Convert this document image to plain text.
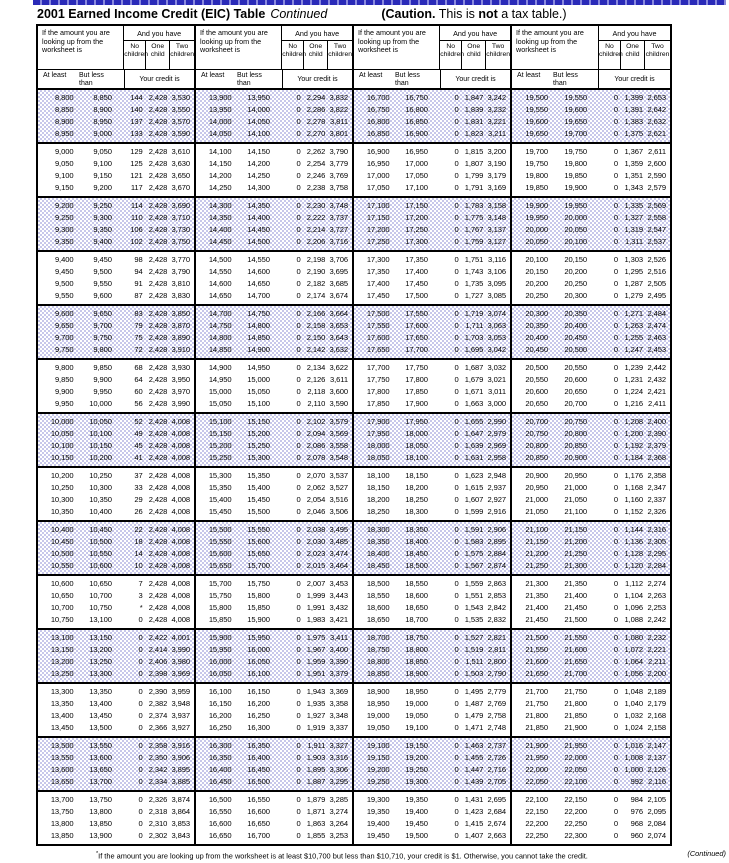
2001 Earned Income Credit (EIC) Table Continued	(Caution. This is not a tax table.)
If the amount you are looking up from the worksheet is
And you have
No children
One child
Two children
At least	But less than
Your credit is
8,800	8,850	144 2,428 3,530
8,850	8,900	140 2,428 3,550
8,900	8,950	137 2,428 3,570
8,950	9,000	133 2,428 3,590
9,000	9,050	129 2,428 3,610
9,050	9,100	125 2,428 3,630
9,100	9,150	121 2,428 3,650
9,150	9,200	117 2,428 3,670
9,200	9,250	114 2,428 3,690
9,250	9,300	110 2,428 3,710
9,300	9,350	106 2,428 3,730
9,350	9,400	102 2,428 3,750
9,400	9,450	98 2,428 3,770
9,450	9,500	94 2,428 3,790
9,500	9,550	91 2,428 3,810
9,550	9,600	87 2,428 3,830
9,600	9,650	83 2,428 3,850
9,650	9,700	79 2,428 3,870
9,700	9,750	75 2,428 3,890
9,750	9,800	72 2,428 3,910
9,800	9,850	68 2,428 3,930
9,850	9,900	64 2,428 3,950
9,900	9,950	60 2,428 3,970
9,950	10,000	56 2,428 3,990
10,000	10,050	52 2,428 4,008
10,050	10,100	49 2,428 4,008
10,100	10,150	45 2,428 4,008
10,150	10,200	41 2,428 4,008
10,200	10,250	37 2,428 4,008
10,250	10,300	33 2,428 4,008
10,300	10,350	29 2,428 4,008
10,350	10,400	26 2,428 4,008
10,400	10,450	22 2,428 4,008
10,450	10,500	18 2,428 4,008
10,500	10,550	14 2,428 4,008
10,550	10,600	10 2,428 4,008
10,600	10,650	7 2,428 4,008
10,650	10,700	3 2,428 4,008
10,700	10,750	* 2,428 4,008
10,750	13,100	0 2,428 4,008
13,100	13,150	0 2,422 4,001
13,150	13,200	0 2,414 3,990
13,200	13,250	0 2,406 3,980
13,250	13,300	0 2,398 3,969
13,300	13,350	0 2,390 3,959
13,350	13,400	0 2,382 3,948
13,400	13,450	0 2,374 3,937
13,450	13,500	0 2,366 3,927
13,500	13,550	0 2,358 3,916
13,550	13,600	0 2,350 3,906
13,600	13,650	0 2,342 3,895
13,650	13,700	0 2,334 3,885
13,700	13,750	0 2,326 3,874
13,750	13,800	0 2,318 3,864
13,800	13,850	0 2,310 3,853
13,850	13,900	0 2,302 3,843
If the amount you are looking up from the worksheet is
And you have
No children
One child
Two children
At least	But less than
Your credit is
13,900	13,950	0 2,294 3,832
13,950	14,000	0 2,286 3,822
14,000	14,050	0 2,278 3,811
14,050	14,100	0 2,270 3,801
14,100	14,150	0 2,262 3,790
14,150	14,200	0 2,254 3,779
14,200	14,250	0 2,246 3,769
14,250	14,300	0 2,238 3,758
14,300	14,350	0 2,230 3,748
14,350	14,400	0 2,222 3,737
14,400	14,450	0 2,214 3,727
14,450	14,500	0 2,206 3,716
14,500	14,550	0 2,198 3,706
14,550	14,600	0 2,190 3,695
14,600	14,650	0 2,182 3,685
14,650	14,700	0 2,174 3,674
14,700	14,750	0 2,166 3,664
14,750	14,800	0 2,158 3,653
14,800	14,850	0 2,150 3,643
14,850	14,900	0 2,142 3,632
14,900	14,950	0 2,134 3,622
14,950	15,000	0 2,126 3,611
15,000	15,050	0 2,118 3,600
15,050	15,100	0 2,110 3,590
15,100	15,150	0 2,102 3,579
15,150	15,200	0 2,094 3,569
15,200	15,250	0 2,086 3,558
15,250	15,300	0 2,078 3,548
15,300	15,350	0 2,070 3,537
15,350	15,400	0 2,062 3,527
15,400	15,450	0 2,054 3,516
15,450	15,500	0 2,046 3,506
15,500	15,550	0 2,038 3,495
15,550	15,600	0 2,030 3,485
15,600	15,650	0 2,023 3,474
15,650	15,700	0 2,015 3,464
15,700	15,750	0 2,007 3,453
15,750	15,800	0 1,999 3,443
15,800	15,850	0 1,991 3,432
15,850	15,900	0 1,983 3,421
15,900	15,950	0 1,975 3,411
15,950	16,000	0 1,967 3,400
16,000	16,050	0 1,959 3,390
16,050	16,100	0 1,951 3,379
16,100	16,150	0 1,943 3,369
16,150	16,200	0 1,935 3,358
16,200	16,250	0 1,927 3,348
16,250	16,300	0 1,919 3,337
16,300	16,350	0 1,911 3,327
16,350	16,400	0 1,903 3,316
16,400	16,450	0 1,895 3,306
16,450	16,500	0 1,887 3,295
16,500	16,550	0 1,879 3,285
16,550	16,600	0 1,871 3,274
16,600	16,650	0 1,863 3,264
16,650	16,700	0 1,855 3,253
If the amount you are looking up from the worksheet is
And you have
No children
One child
Two children
At least	But less than
Your credit is
16,700	16,750	0 1,847 3,242
16,750	16,800	0 1,839 3,232
16,800	16,850	0 1,831 3,221
16,850	16,900	0 1,823 3,211
16,900	16,950	0 1,815 3,200
16,950	17,000	0 1,807 3,190
17,000	17,050	0 1,799 3,179
17,050	17,100	0 1,791 3,169
17,100	17,150	0 1,783 3,158
17,150	17,200	0 1,775 3,148
17,200	17,250	0 1,767 3,137
17,250	17,300	0 1,759 3,127
17,300	17,350	0 1,751 3,116
17,350	17,400	0 1,743 3,106
17,400	17,450	0 1,735 3,095
17,450	17,500	0 1,727 3,085
17,500	17,550	0 1,719 3,074
17,550	17,600	0 1,711 3,063
17,600	17,650	0 1,703 3,053
17,650	17,700	0 1,695 3,042
17,700	17,750	0 1,687 3,032
17,750	17,800	0 1,679 3,021
17,800	17,850	0 1,671 3,011
17,850	17,900	0 1,663 3,000
17,900	17,950	0 1,655 2,990
17,950	18,000	0 1,647 2,979
18,000	18,050	0 1,639 2,969
18,050	18,100	0 1,631 2,958
18,100	18,150	0 1,623 2,948
18,150	18,200	0 1,615 2,937
18,200	18,250	0 1,607 2,927
18,250	18,300	0 1,599 2,916
18,300	18,350	0 1,591 2,906
18,350	18,400	0 1,583 2,895
18,400	18,450	0 1,575 2,884
18,450	18,500	0 1,567 2,874
18,500	18,550	0 1,559 2,863
18,550	18,600	0 1,551 2,853
18,600	18,650	0 1,543 2,842
18,650	18,700	0 1,535 2,832
18,700	18,750	0 1,527 2,821
18,750	18,800	0 1,519 2,811
18,800	18,850	0 1,511 2,800
18,850	18,900	0 1,503 2,790
18,900	18,950	0 1,495 2,779
18,950	19,000	0 1,487 2,769
19,000	19,050	0 1,479 2,758
19,050	19,100	0 1,471 2,748
19,100	19,150	0 1,463 2,737
19,150	19,200	0 1,455 2,726
19,200	19,250	0 1,447 2,716
19,250	19,300	0 1,439 2,705
19,300	19,350	0 1,431 2,695
19,350	19,400	0 1,423 2,684
19,400	19,450	0 1,415 2,674
19,450	19,500	0 1,407 2,663
If the amount you are looking up from the worksheet is
And you have
No children
One child
Two children
At least	But less than
Your credit is
19,500	19,550	0 1,399 2,653
19,550	19,600	0 1,391 2,642
19,600	19,650	0 1,383 2,632
19,650	19,700	0 1,375 2,621
19,700	19,750	0 1,367 2,611
19,750	19,800	0 1,359 2,600
19,800	19,850	0 1,351 2,590
19,850	19,900	0 1,343 2,579
19,900	19,950	0 1,335 2,569
19,950	20,000	0 1,327 2,558
20,000	20,050	0 1,319 2,547
20,050	20,100	0 1,311 2,537
20,100	20,150	0 1,303 2,526
20,150	20,200	0 1,295 2,516
20,200	20,250	0 1,287 2,505
20,250	20,300	0 1,279 2,495
20,300	20,350	0 1,271 2,484
20,350	20,400	0 1,263 2,474
20,400	20,450	0 1,255 2,463
20,450	20,500	0 1,247 2,453
20,500	20,550	0 1,239 2,442
20,550	20,600	0 1,231 2,432
20,600	20,650	0 1,224 2,421
20,650	20,700	0 1,216 2,411
20,700	20,750	0 1,208 2,400
20,750	20,800	0 1,200 2,390
20,800	20,850	0 1,192 2,379
20,850	20,900	0 1,184 2,368
20,900	20,950	0 1,176 2,358
20,950	21,000	0 1,168 2,347
21,000	21,050	0 1,160 2,337
21,050	21,100	0 1,152 2,326
21,100	21,150	0 1,144 2,316
21,150	21,200	0 1,136 2,305
21,200	21,250	0 1,128 2,295
21,250	21,300	0 1,120 2,284
21,300	21,350	0 1,112 2,274
21,350	21,400	0 1,104 2,263
21,400	21,450	0 1,096 2,253
21,450	21,500	0 1,088 2,242
21,500	21,550	0 1,080 2,232
21,550	21,600	0 1,072 2,221
21,600	21,650	0 1,064 2,211
21,650	21,700	0 1,056 2,200
21,700	21,750	0 1,048 2,189
21,750	21,800	0 1,040 2,179
21,800	21,850	0 1,032 2,168
21,850	21,900	0 1,024 2,158
21,900	21,950	0 1,016 2,147
21,950	22,000	0 1,008 2,137
22,000	22,050	0 1,000 2,126
22,050	22,100	0	992 2,116
22,100	22,150	0	984 2,105
22,150	22,200	0	976 2,095
22,200	22,250	0	968 2,084
22,250	22,300	0	960 2,074
*If the amount you are looking up from the worksheet is at least $10,700 but less than $10,710, your credit is $1. Otherwise, you cannot take the credit.	(Continued)
